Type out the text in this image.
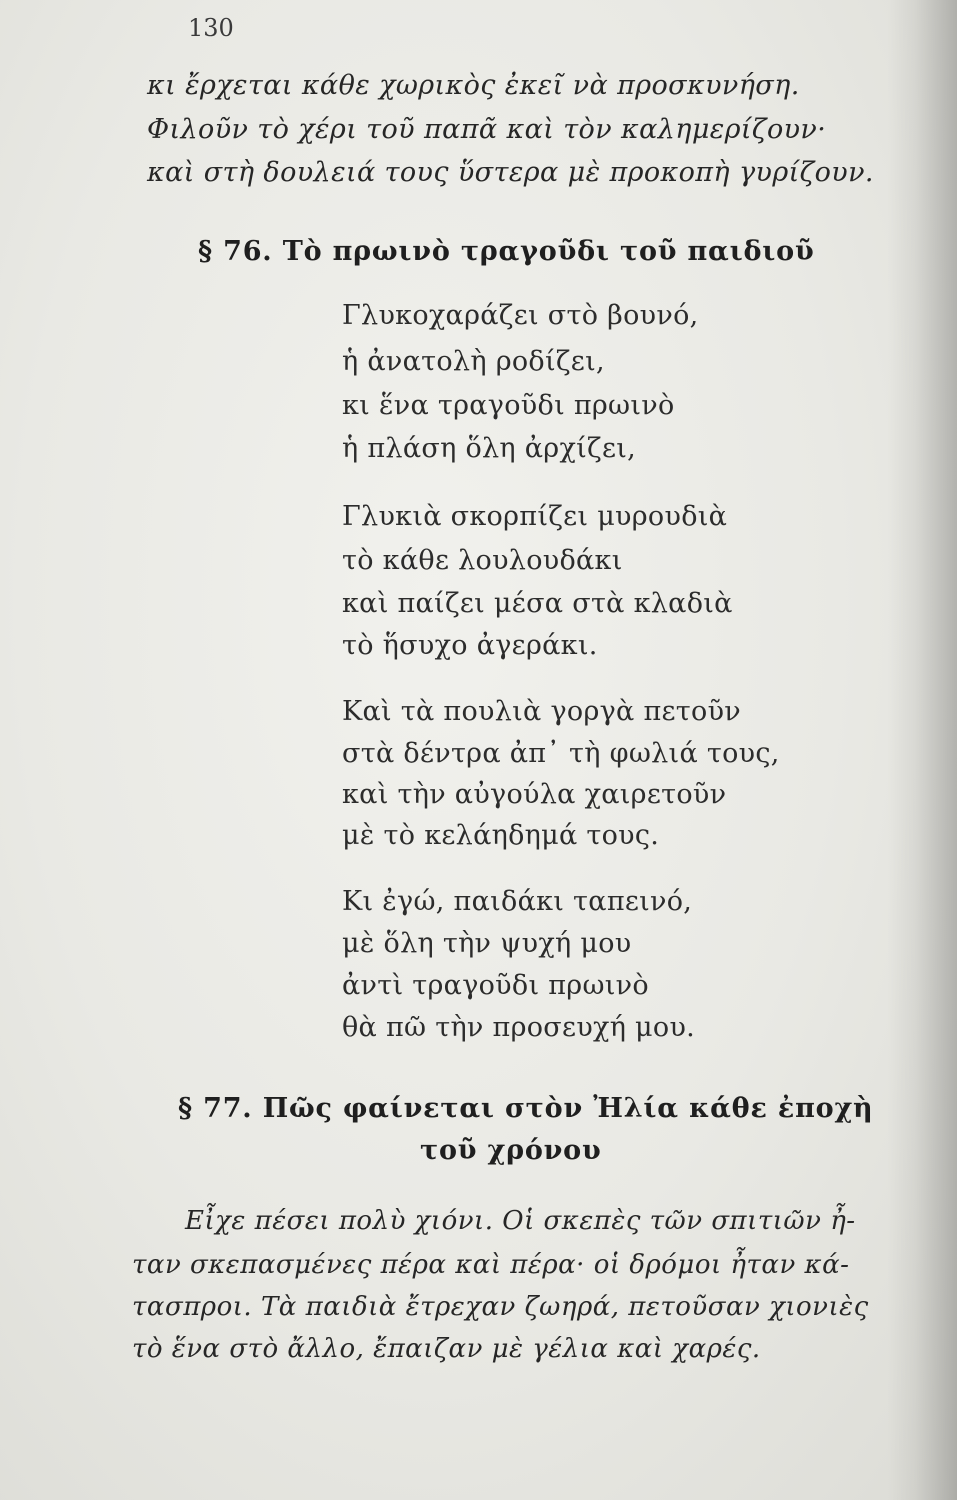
130
κι ἔρχεται κάθε χωρικὸς ἐκεῖ νὰ προσκυνήση.
Φιλοῦν τὸ χέρι τοῦ παπᾶ καὶ τὸν καλημερίζουν·
καὶ στὴ δουλειά τους ὕστερα μὲ προκοπὴ γυρίζουν.
§ 76. Τὸ πρωινὸ τραγοῦδι τοῦ παιδιοῦ
Γλυκοχαράζει στὸ βουνό,
ἡ ἀνατολὴ ροδίζει,
κι ἕνα τραγοῦδι πρωινὸ
ἡ πλάση ὅλη ἀρχίζει,
Γλυκιὰ σκορπίζει μυρουδιὰ
τὸ κάθε λουλουδάκι
καὶ παίζει μέσα στὰ κλαδιὰ
τὸ ἥσυχο ἀγεράκι.
Καὶ τὰ πουλιὰ γοργὰ πετοῦν
στὰ δέντρα ἀπ᾽ τὴ φωλιά τους,
καὶ τὴν αὐγούλα χαιρετοῦν
μὲ τὸ κελάηδημά τους.
Κι ἐγώ, παιδάκι ταπεινό,
μὲ ὅλη τὴν ψυχή μου
ἀντὶ τραγοῦδι πρωινὸ
θὰ πῶ τὴν προσευχή μου.
§ 77. Πῶς φαίνεται στὸν Ἠλία κάθε ἐποχὴ
τοῦ χρόνου
Εἶχε πέσει πολὺ χιόνι. Οἱ σκεπὲς τῶν σπιτιῶν ἦ-
ταν σκεπασμένες πέρα καὶ πέρα· οἱ δρόμοι ἦταν κά-
τασπροι. Τὰ παιδιὰ ἔτρεχαν ζωηρά, πετοῦσαν χιονιὲς
τὸ ἕνα στὸ ἄλλο, ἔπαιζαν μὲ γέλια καὶ χαρές.
